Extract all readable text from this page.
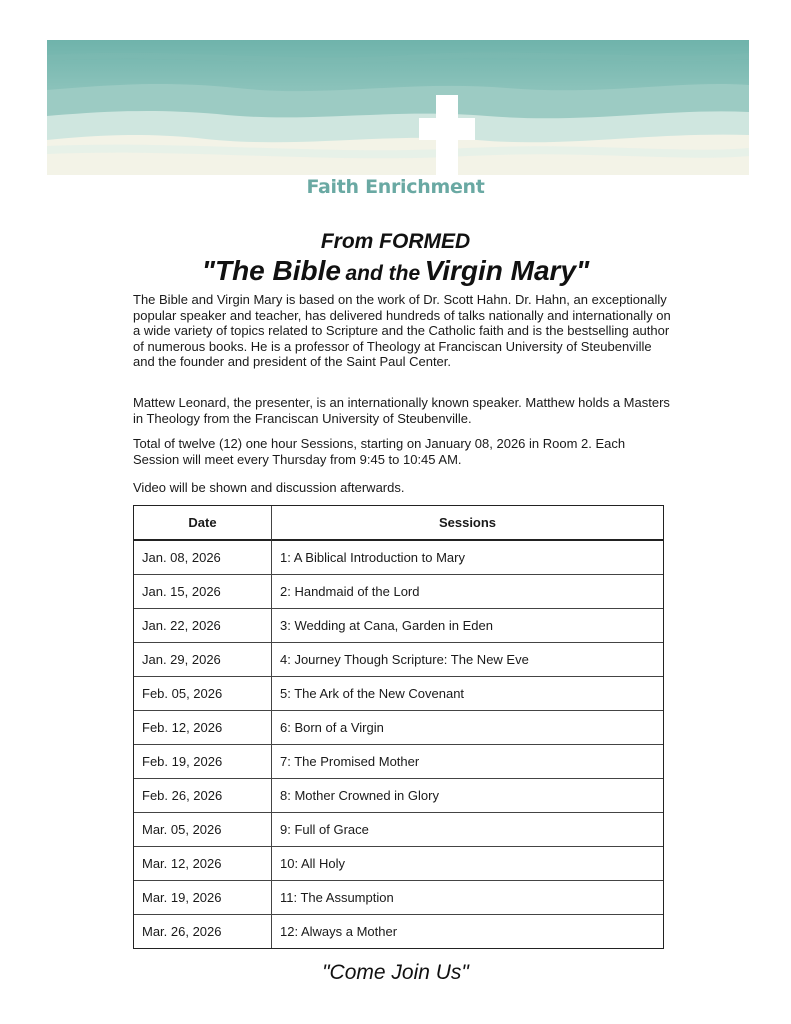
Faith Enrichment
From FORMED
"The Bible and the Virgin Mary"

The Bible and Virgin Mary is based on the work of Dr. Scott Hahn. Dr. Hahn, an exceptionally popular speaker and teacher, has delivered hundreds of talks nationally and internationally on a wide variety of topics related to Scripture and the Catholic faith and is the bestselling author of numerous books. He is a professor of Theology at Franciscan University of Steubenville and the founder and president of the Saint Paul Center.

Mattew Leonard, the presenter, is an internationally known speaker. Matthew holds a Masters in Theology from the Franciscan University of Steubenville.

Total of twelve (12) one hour Sessions, starting on January 08, 2026 in Room 2. Each Session will meet every Thursday from 9:45 to 10:45 AM.

Video will be shown and discussion afterwards.

Date	Sessions
Jan. 08, 2026	1: A Biblical Introduction to Mary
Jan. 15, 2026	2: Handmaid of the Lord
Jan. 22, 2026	3: Wedding at Cana, Garden in Eden
Jan. 29, 2026	4: Journey Though Scripture: The New Eve
Feb. 05, 2026	5: The Ark of the New Covenant
Feb. 12, 2026	6: Born of a Virgin
Feb. 19, 2026	7: The Promised Mother
Feb. 26, 2026	8: Mother Crowned in Glory
Mar. 05, 2026	9: Full of Grace
Mar. 12, 2026	10: All Holy
Mar. 19, 2026	11: The Assumption
Mar. 26, 2026	12: Always a Mother
"Come Join Us"
